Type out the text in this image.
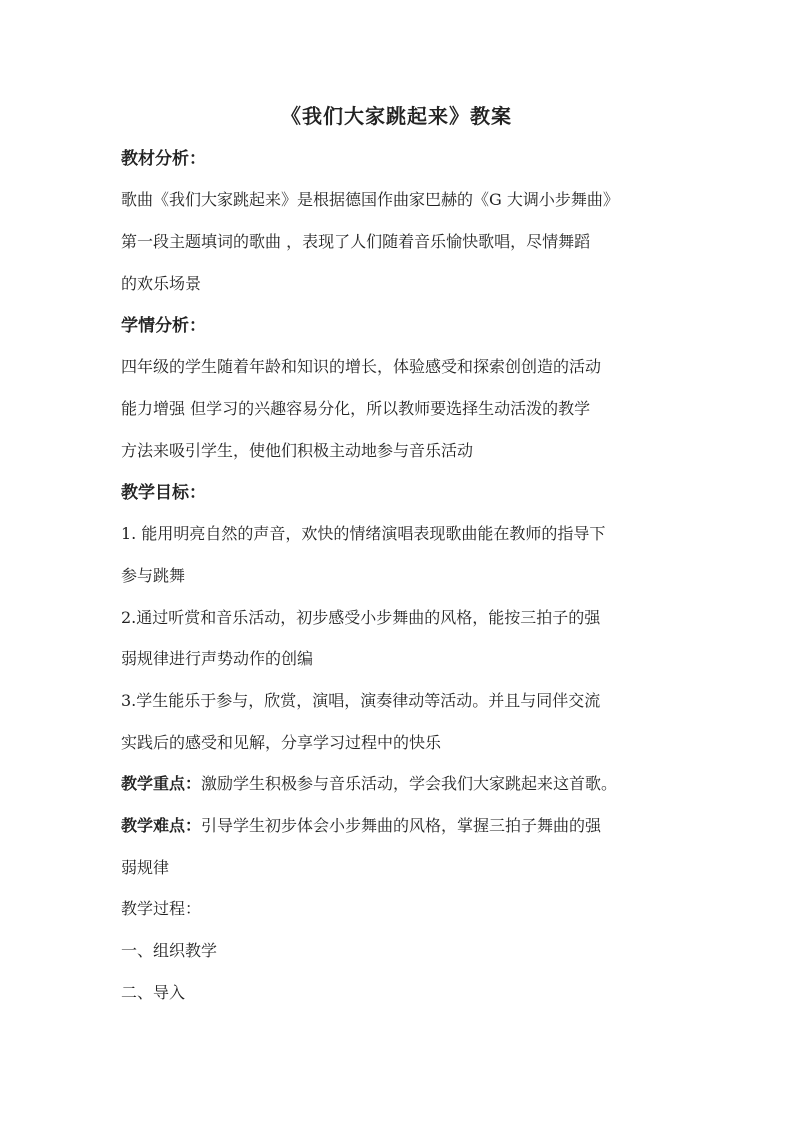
《我们大家跳起来》教案
教材分析：
歌曲《我们大家跳起来》是根据德国作曲家巴赫的《G 大调小步舞曲》
第一段主题填词的歌曲 ，表现了人们随着音乐愉快歌唱，尽情舞蹈
的欢乐场景
学情分析：
四年级的学生随着年龄和知识的增长，体验感受和探索创创造的活动
能力增强 但学习的兴趣容易分化，所以教师要选择生动活泼的教学
方法来吸引学生，使他们积极主动地参与音乐活动
教学目标：
1. 能用明亮自然的声音，欢快的情绪演唱表现歌曲能在教师的指导下
参与跳舞
2.通过听赏和音乐活动，初步感受小步舞曲的风格，能按三拍子的强
弱规律进行声势动作的创编
3.学生能乐于参与，欣赏，演唱，演奏律动等活动。并且与同伴交流
实践后的感受和见解，分享学习过程中的快乐
教学重点：激励学生积极参与音乐活动，学会我们大家跳起来这首歌。
教学难点：引导学生初步体会小步舞曲的风格，掌握三拍子舞曲的强
弱规律
教学过程：
一、组织教学
二、导入
